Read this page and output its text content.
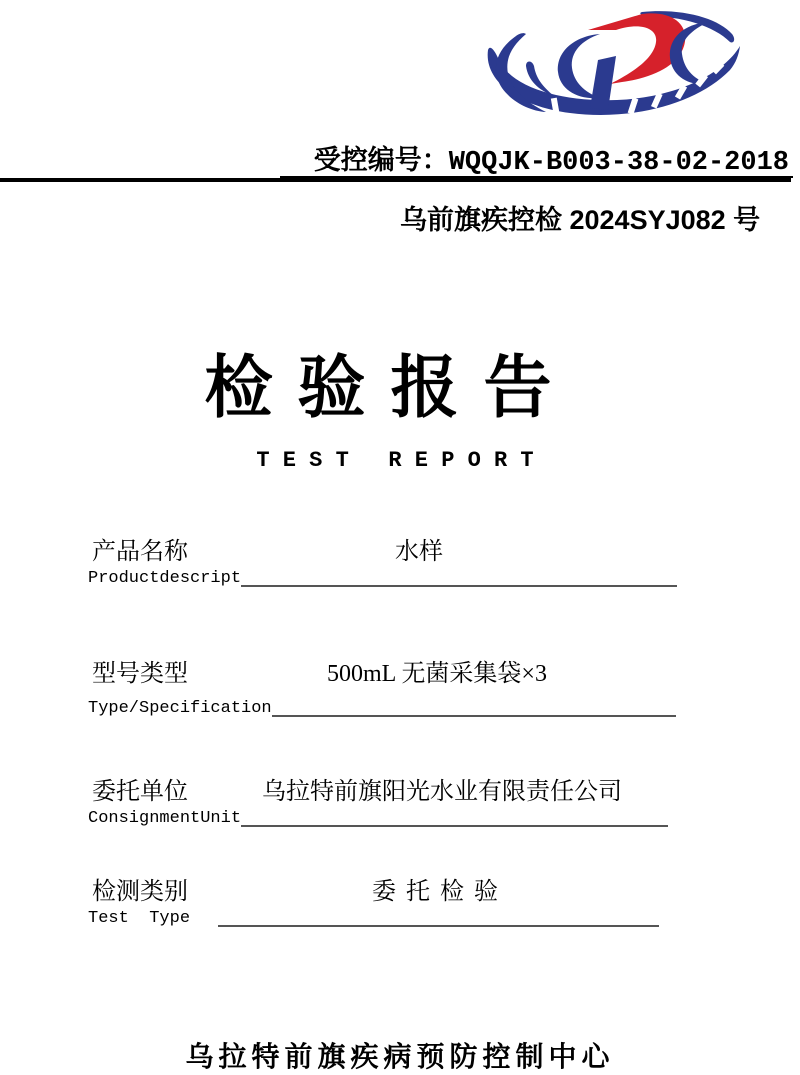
受控编号：WQQJK-B003-38-02-2018
乌前旗疾控检 2024SYJ082 号
检 验 报 告
T E S T   R E P O R T
产品名称	水样
Productdescript
型号类型	500mL 无菌采集袋×3
Type/Specification
委托单位	乌拉特前旗阳光水业有限责任公司
ConsignmentUnit
检测类别	委托检验
Test  Type
乌拉特前旗疾病预防控制中心
